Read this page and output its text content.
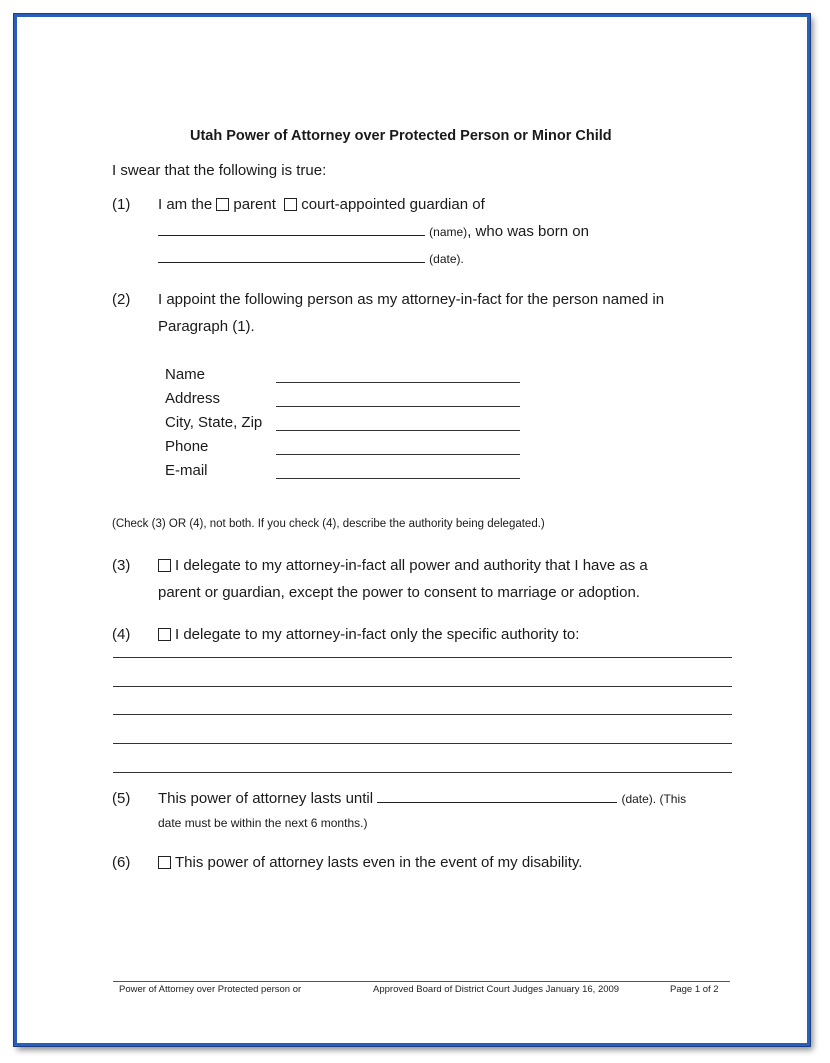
Utah Power of Attorney over Protected Person or Minor Child
I swear that the following is true:
(1) I am the parent court-appointed guardian of
(name), who was born on
(date).
(2) I appoint the following person as my attorney-in-fact for the person named in
Paragraph (1).
Name
Address
City, State, Zip
Phone
E-mail
(Check (3) OR (4), not both. If you check (4), describe the authority being delegated.)
(3)	I delegate to my attorney-in-fact all power and authority that I have as a
parent or guardian, except the power to consent to marriage or adoption.
(4)	I delegate to my attorney-in-fact only the specific authority to:
(5) This power of attorney lasts until	(date). (This
date must be within the next 6 months.)
(6)	This power of attorney lasts even in the event of my disability.
Power of Attorney over Protected person or	Approved Board of District Court Judges January 16, 2009	Page 1 of 2
